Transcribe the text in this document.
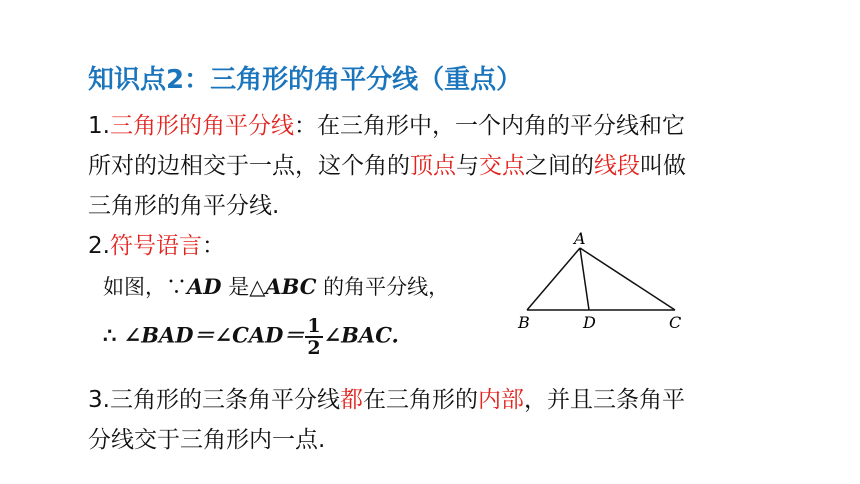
知识点2：三角形的角平分线（重点）
1.三角形的角平分线：在三角形中，一个内角的平分线和它
所对的边相交于一点，这个角的顶点与交点之间的线段叫做
三角形的角平分线.
2.符号语言：
如图，∵AD 是△ABC 的角平分线，
∴ ∠BAD＝∠CAD＝ $\frac{1}{2}$ ∠BAC.
A
B	D	C
3.三角形的三条角平分线都在三角形的内部，并且三条角平
分线交于三角形内一点.
